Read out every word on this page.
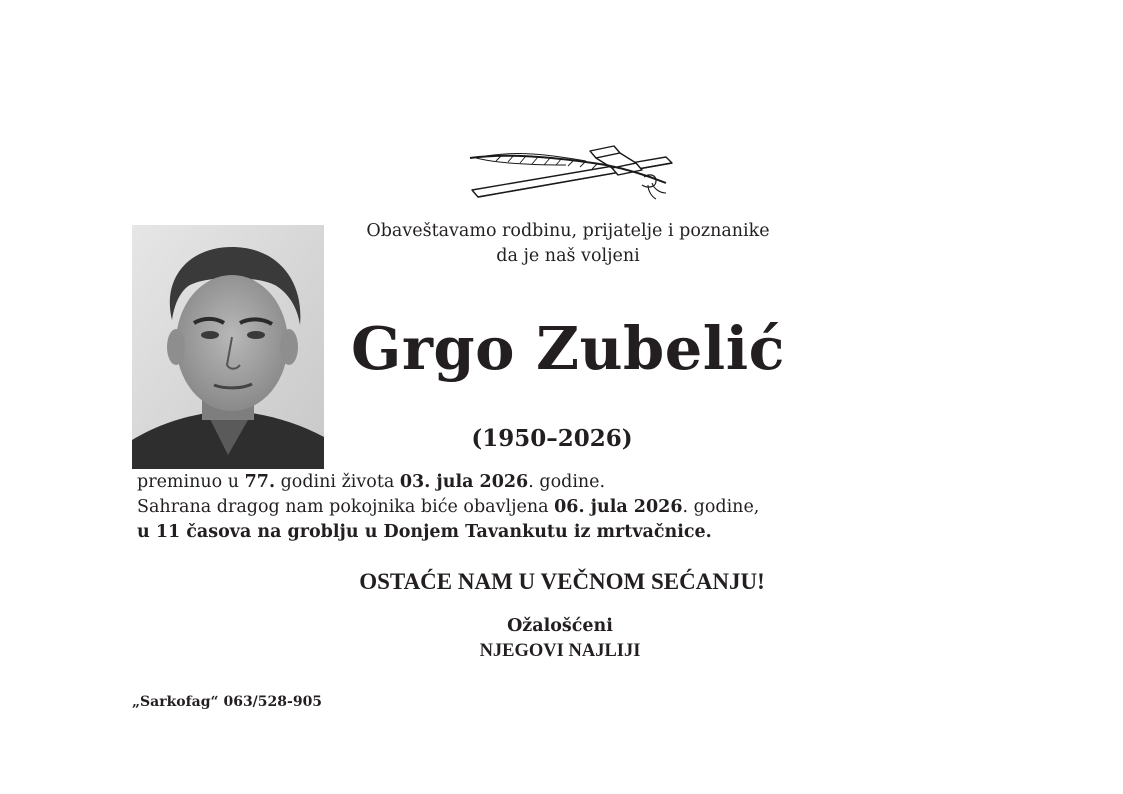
Obaveštavamo rodbinu, prijatelje i poznanike
da je naš voljeni
Grgo Zubelić
(1950–2026)
preminuo u 77. godini života 03. jula 2026. godine.
Sahrana dragog nam pokojnika biće obavljena 06. jula 2026. godine,
u 11 časova na groblju u Donjem Tavankutu iz mrtvačnice.
OSTAĆE NAM U VEČNOM SEĆANJU!
Ožalošćeni
NJEGOVI NAJLIJI
„Sarkofag“ 063/528-905
